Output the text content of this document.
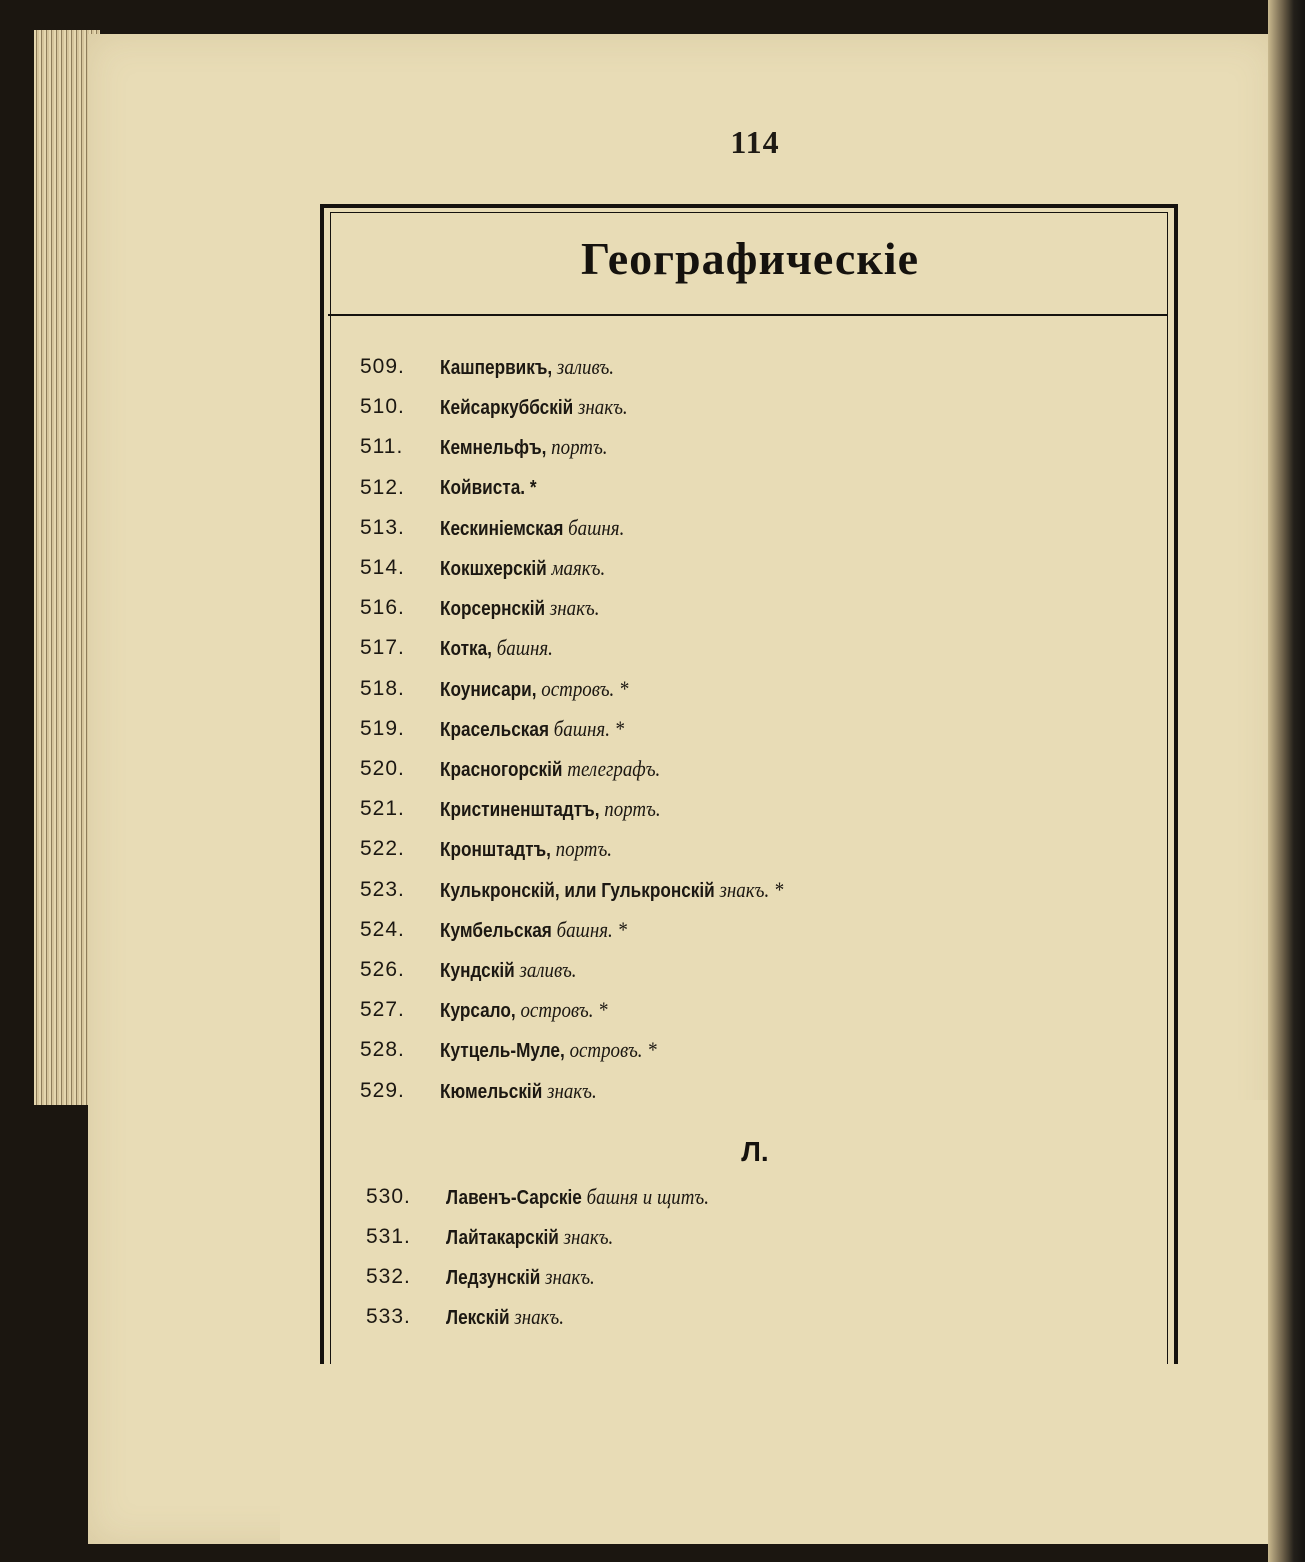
114
Географическіе
509.	Кашпервикъ, заливъ.
510.	Кейсаркуббскій знакъ.
511.	Кемнельфъ, портъ.
512.	Койвиста. *
513.	Кескиніемская башня.
514.	Кокшхерскій маякъ.
516.	Корсернскій знакъ.
517.	Котка, башня.
518.	Коунисари, островъ. *
519.	Красельская башня. *
520.	Красногорскій телеграфъ.
521.	Кристиненштадтъ, портъ.
522.	Кронштадтъ, портъ.
523.	Кулькронскій, или Гулькронскій знакъ. *
524.	Кумбельская башня. *
526.	Кундскій заливъ.
527.	Курсало, островъ. *
528.	Кутцель-Муле, островъ. *
529.	Кюмельскій знакъ.
Л.
530.	Лавенъ-Сарскіе башня и щитъ.
531.	Лайтакарскій знакъ.
532.	Ледзунскій знакъ.
533.	Лекскій знакъ.
